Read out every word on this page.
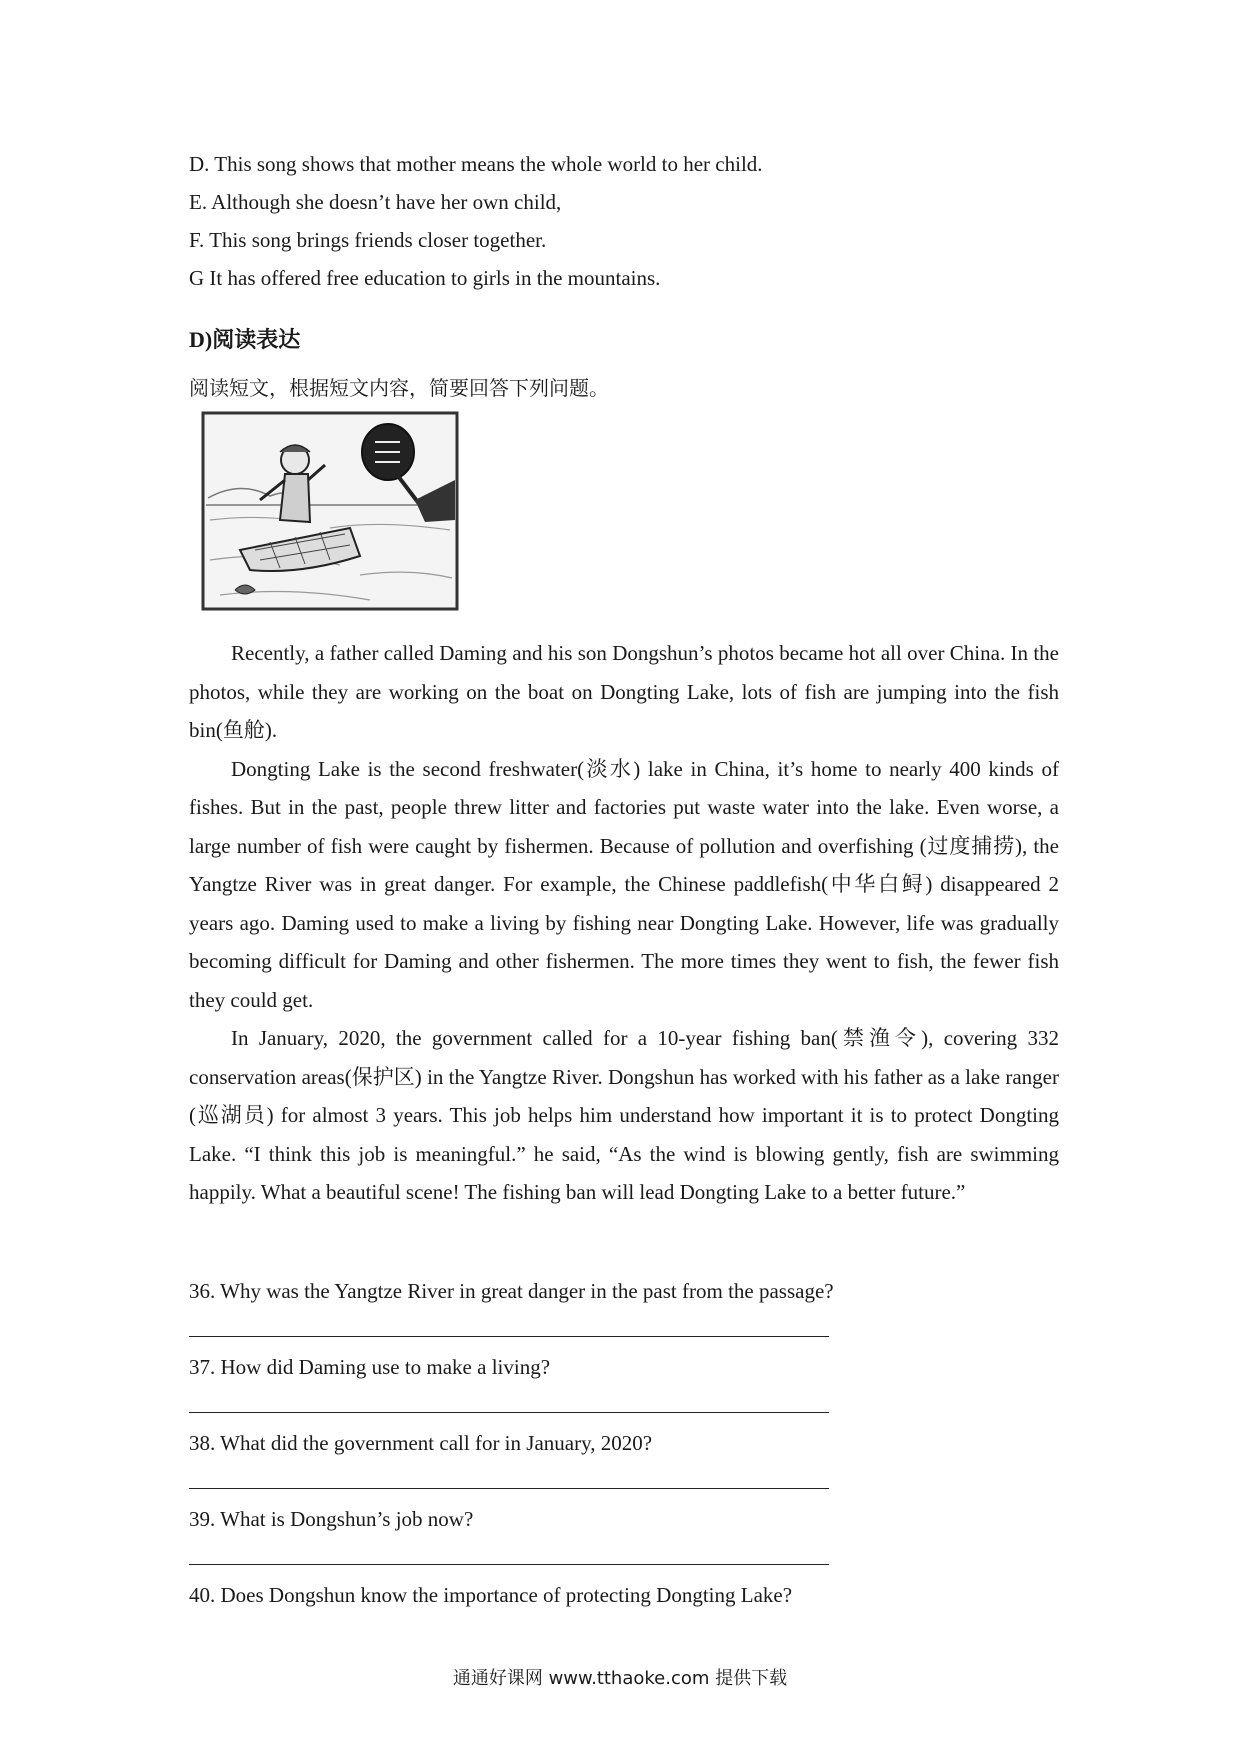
D. This song shows that mother means the whole world to her child.
E. Although she doesn’t have her own child,
F. This song brings friends closer together.
G It has offered free education to girls in the mountains.
D)阅读表达
阅读短文，根据短文内容，简要回答下列问题。

Recently, a father called Daming and his son Dongshun’s photos became hot all over China. In the photos, while they are working on the boat on Dongting Lake, lots of fish are jumping into the fish bin(鱼舱).

Dongting Lake is the second freshwater(淡水) lake in China, it’s home to nearly 400 kinds of fishes. But in the past, people threw litter and factories put waste water into the lake. Even worse, a large number of fish were caught by fishermen. Because of pollution and overfishing (过度捕捞), the Yangtze River was in great danger. For example, the Chinese paddlefish(中华白鲟) disappeared 2 years ago. Daming used to make a living by fishing near Dongting Lake. However, life was gradually becoming difficult for Daming and other fishermen. The more times they went to fish, the fewer fish they could get.

In January, 2020, the government called for a 10-year fishing ban(禁渔令), covering 332 conservation areas(保护区) in the Yangtze River. Dongshun has worked with his father as a lake ranger (巡湖员) for almost 3 years. This job helps him understand how important it is to protect Dongting Lake. “I think this job is meaningful.” he said, “As the wind is blowing gently, fish are swimming happily. What a beautiful scene! The fishing ban will lead Dongting Lake to a better future.”

36. Why was the Yangtze River in great danger in the past from the passage?
37. How did Daming use to make a living?
38. What did the government call for in January, 2020?
39. What is Dongshun’s job now?
40. Does Dongshun know the importance of protecting Dongting Lake?
通通好课网 www.tthaoke.com 提供下载
